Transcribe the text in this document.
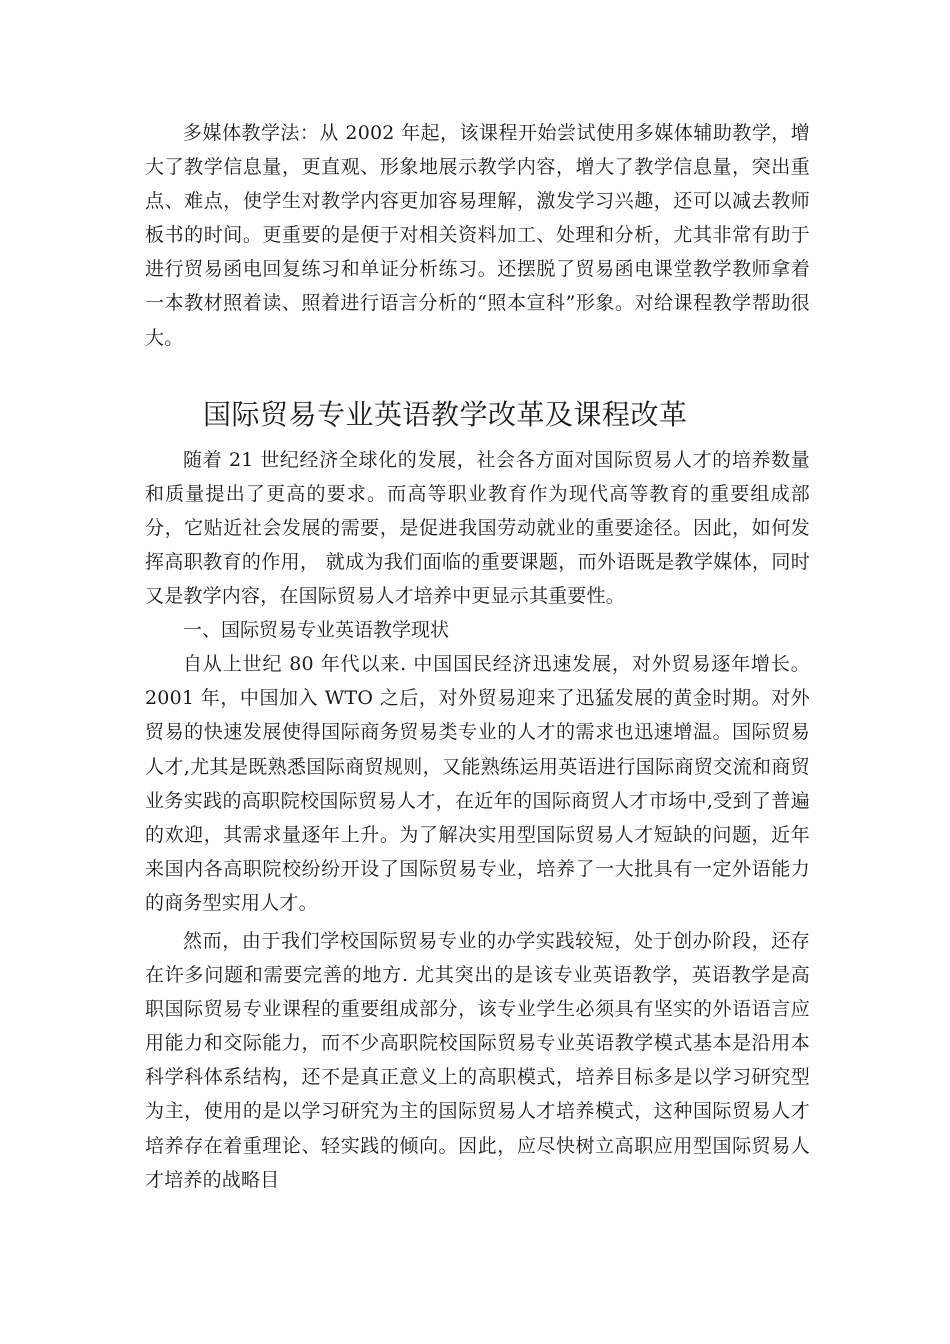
多媒体教学法：从 2002 年起，该课程开始尝试使用多媒体辅助教学，增大了教学信息量，更直观、形象地展示教学内容，增大了教学信息量，突出重点、难点，使学生对教学内容更加容易理解，激发学习兴趣，还可以减去教师板书的时间。更重要的是便于对相关资料加工、处理和分析，尤其非常有助于进行贸易函电回复练习和单证分析练习。还摆脱了贸易函电课堂教学教师拿着一本教材照着读、照着进行语言分析的“照本宣科”形象。对给课程教学帮助很大。

国际贸易专业英语教学改革及课程改革

随着 21 世纪经济全球化的发展，社会各方面对国际贸易人才的培养数量和质量提出了更高的要求。而高等职业教育作为现代高等教育的重要组成部分，它贴近社会发展的需要，是促进我国劳动就业的重要途径。因此，如何发挥高职教育的作用， 就成为我们面临的重要课题，而外语既是教学媒体，同时又是教学内容，在国际贸易人才培养中更显示其重要性。

一、国际贸易专业英语教学现状

自从上世纪 80 年代以来. 中国国民经济迅速发展，对外贸易逐年增长。2001 年，中国加入 WTO 之后，对外贸易迎来了迅猛发展的黄金时期。对外贸易的快速发展使得国际商务贸易类专业的人才的需求也迅速增温。国际贸易人才,尤其是既熟悉国际商贸规则，又能熟练运用英语进行国际商贸交流和商贸业务实践的高职院校国际贸易人才，在近年的国际商贸人才市场中,受到了普遍的欢迎，其需求量逐年上升。为了解决实用型国际贸易人才短缺的问题，近年来国内各高职院校纷纷开设了国际贸易专业，培养了一大批具有一定外语能力的商务型实用人才。

然而，由于我们学校国际贸易专业的办学实践较短，处于创办阶段，还存在许多问题和需要完善的地方. 尤其突出的是该专业英语教学，英语教学是高职国际贸易专业课程的重要组成部分，该专业学生必须具有坚实的外语语言应用能力和交际能力，而不少高职院校国际贸易专业英语教学模式基本是沿用本科学科体系结构，还不是真正意义上的高职模式，培养目标多是以学习研究型为主，使用的是以学习研究为主的国际贸易人才培养模式，这种国际贸易人才培养存在着重理论、轻实践的倾向。因此，应尽快树立高职应用型国际贸易人才培养的战略目
